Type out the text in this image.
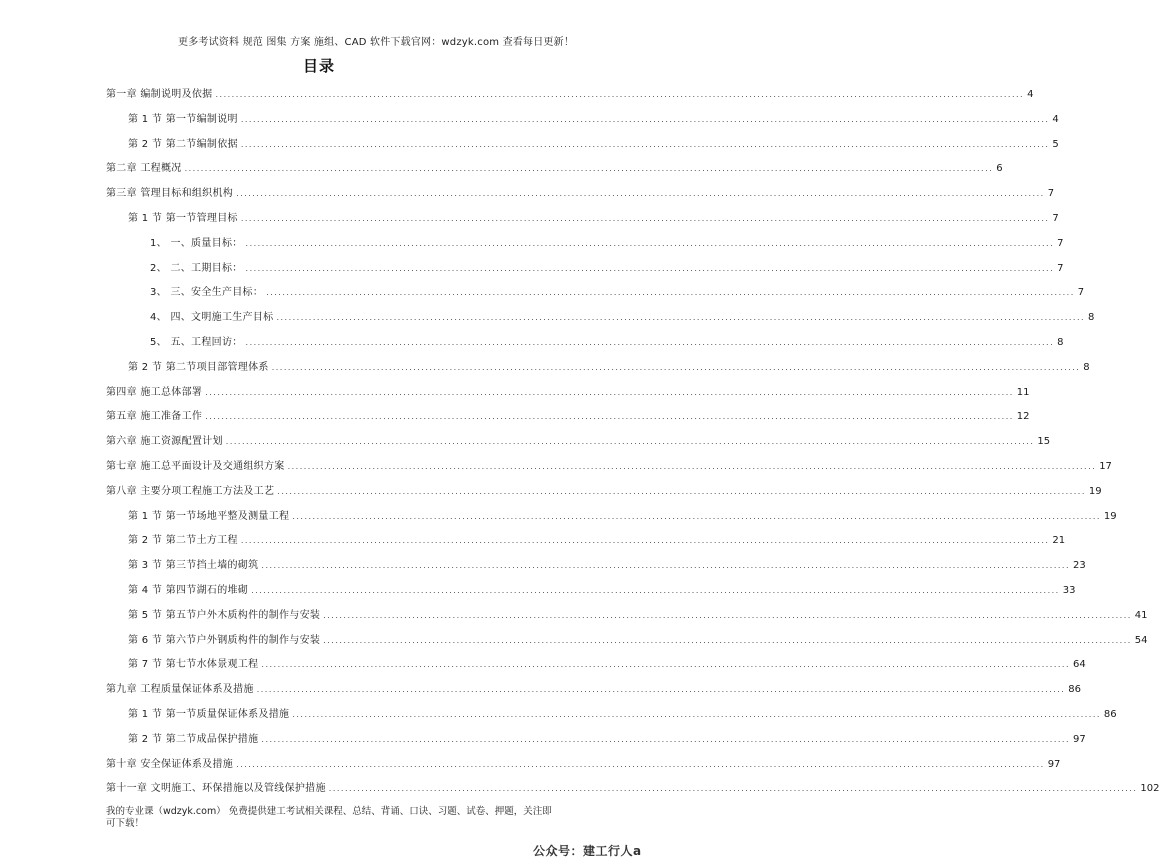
更多考试资料 规范 图集 方案 施组、CAD 软件下载官网：wdzyk.com 查看每日更新！
目录
第一章 编制说明及依据 ........................................................................................................................................................................................................ 4
第 1 节 第一节编制说明 ........................................................................................................................................................................................................ 4
第 2 节 第二节编制依据 ........................................................................................................................................................................................................ 5
第二章 工程概况 ........................................................................................................................................................................................................ 6
第三章 管理目标和组织机构 ........................................................................................................................................................................................................ 7
第 1 节 第一节管理目标 ........................................................................................................................................................................................................ 7
1、 一、质量目标： ........................................................................................................................................................................................................ 7
2、 二、工期目标： ........................................................................................................................................................................................................ 7
3、 三、安全生产目标： ........................................................................................................................................................................................................ 7
4、 四、文明施工生产目标 ........................................................................................................................................................................................................ 8
5、 五、工程回访： ........................................................................................................................................................................................................ 8
第 2 节 第二节项目部管理体系 ........................................................................................................................................................................................................ 8
第四章 施工总体部署 ........................................................................................................................................................................................................ 11
第五章 施工准备工作 ........................................................................................................................................................................................................ 12
第六章 施工资源配置计划 ........................................................................................................................................................................................................ 15
第七章 施工总平面设计及交通组织方案 ........................................................................................................................................................................................................ 17
第八章 主要分项工程施工方法及工艺 ........................................................................................................................................................................................................ 19
第 1 节 第一节场地平整及测量工程 ........................................................................................................................................................................................................ 19
第 2 节 第二节土方工程 ........................................................................................................................................................................................................ 21
第 3 节 第三节挡土墙的砌筑 ........................................................................................................................................................................................................ 23
第 4 节 第四节湖石的堆砌 ........................................................................................................................................................................................................ 33
第 5 节 第五节户外木质构件的制作与安装 ........................................................................................................................................................................................................ 41
第 6 节 第六节户外钢质构件的制作与安装 ........................................................................................................................................................................................................ 54
第 7 节 第七节水体景观工程 ........................................................................................................................................................................................................ 64
第九章 工程质量保证体系及措施 ........................................................................................................................................................................................................ 86
第 1 节 第一节质量保证体系及措施 ........................................................................................................................................................................................................ 86
第 2 节 第二节成品保护措施 ........................................................................................................................................................................................................ 97
第十章 安全保证体系及措施 ........................................................................................................................................................................................................ 97
第十一章 文明施工、环保措施以及管线保护措施 ........................................................................................................................................................................................................ 102
我的专业课（wdzyk.com） 免费提供建工考试相关课程、总结、背诵、口诀、习题、试卷、押题，关注即可下载！
公众号：建工行人a
